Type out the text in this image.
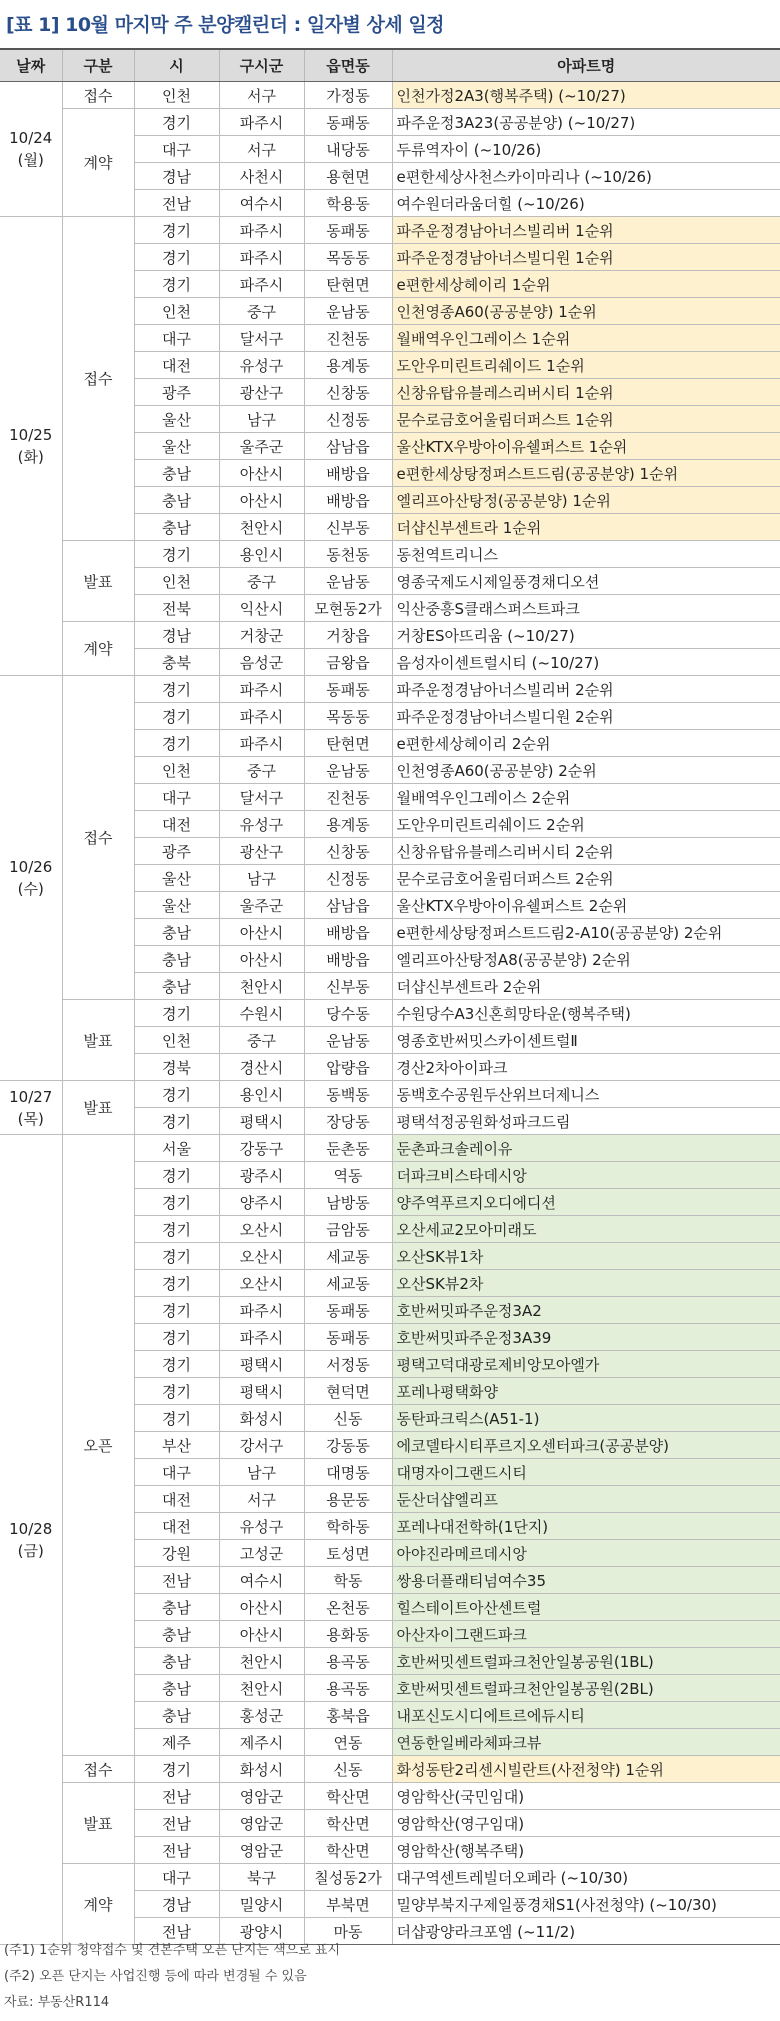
[표 1] 10월 마지막 주 분양캘린더 : 일자별 상세 일정
날짜	구분	시	구시군	읍면동	아파트명

10/24
(월)	접수	인천	서구	가정동	인천가정2A3(행복주택) (~10/27)
	계약	경기	파주시	동패동	파주운정3A23(공공분양) (~10/27)
		대구	서구	내당동	두류역자이 (~10/26)
		경남	사천시	용현면	e편한세상사천스카이마리나 (~10/26)
		전남	여수시	학용동	여수원더라움더힐 (~10/26)

10/25
(화)	접수	경기	파주시	동패동	파주운정경남아너스빌리버 1순위
		경기	파주시	목동동	파주운정경남아너스빌디원 1순위
		경기	파주시	탄현면	e편한세상헤이리 1순위
		인천	중구	운남동	인천영종A60(공공분양) 1순위
		대구	달서구	진천동	월배역우인그레이스 1순위
		대전	유성구	용계동	도안우미린트리쉐이드 1순위
		광주	광산구	신창동	신창유탑유블레스리버시티 1순위
		울산	남구	신정동	문수로금호어울림더퍼스트 1순위
		울산	울주군	삼남읍	울산KTX우방아이유쉘퍼스트 1순위
		충남	아산시	배방읍	e편한세상탕정퍼스트드림(공공분양) 1순위
		충남	아산시	배방읍	엘리프아산탕정(공공분양) 1순위
		충남	천안시	신부동	더샵신부센트라 1순위
	발표	경기	용인시	동천동	동천역트리니스
		인천	중구	운남동	영종국제도시제일풍경채디오션
		전북	익산시	모현동2가	익산중흥S클래스퍼스트파크
	계약	경남	거창군	거창읍	거창ES아뜨리움 (~10/27)
		충북	음성군	금왕읍	음성자이센트럴시티 (~10/27)

10/26
(수)	접수	경기	파주시	동패동	파주운정경남아너스빌리버 2순위
		경기	파주시	목동동	파주운정경남아너스빌디원 2순위
		경기	파주시	탄현면	e편한세상헤이리 2순위
		인천	중구	운남동	인천영종A60(공공분양) 2순위
		대구	달서구	진천동	월배역우인그레이스 2순위
		대전	유성구	용계동	도안우미린트리쉐이드 2순위
		광주	광산구	신창동	신창유탑유블레스리버시티 2순위
		울산	남구	신정동	문수로금호어울림더퍼스트 2순위
		울산	울주군	삼남읍	울산KTX우방아이유쉘퍼스트 2순위
		충남	아산시	배방읍	e편한세상탕정퍼스트드림2-A10(공공분양) 2순위
		충남	아산시	배방읍	엘리프아산탕정A8(공공분양) 2순위
		충남	천안시	신부동	더샵신부센트라 2순위
	발표	경기	수원시	당수동	수원당수A3신혼희망타운(행복주택)
		인천	중구	운남동	영종호반써밋스카이센트럴Ⅱ
		경북	경산시	압량읍	경산2차아이파크

10/27
(목)	발표	경기	용인시	동백동	동백호수공원두산위브더제니스
		경기	평택시	장당동	평택석정공원화성파크드림

10/28
(금)	오픈	서울	강동구	둔촌동	둔촌파크솔레이유
		경기	광주시	역동	더파크비스타데시앙
		경기	양주시	남방동	양주역푸르지오디에디션
		경기	오산시	금암동	오산세교2모아미래도
		경기	오산시	세교동	오산SK뷰1차
		경기	오산시	세교동	오산SK뷰2차
		경기	파주시	동패동	호반써밋파주운정3A2
		경기	파주시	동패동	호반써밋파주운정3A39
		경기	평택시	서정동	평택고덕대광로제비앙모아엘가
		경기	평택시	현덕면	포레나평택화양
		경기	화성시	신동	동탄파크릭스(A51-1)
		부산	강서구	강동동	에코델타시티푸르지오센터파크(공공분양)
		대구	남구	대명동	대명자이그랜드시티
		대전	서구	용문동	둔산더샵엘리프
		대전	유성구	학하동	포레나대전학하(1단지)
		강원	고성군	토성면	아야진라메르데시앙
		전남	여수시	학동	쌍용더플래티넘여수35
		충남	아산시	온천동	힐스테이트아산센트럴
		충남	아산시	용화동	아산자이그랜드파크
		충남	천안시	용곡동	호반써밋센트럴파크천안일봉공원(1BL)
		충남	천안시	용곡동	호반써밋센트럴파크천안일봉공원(2BL)
		충남	홍성군	홍북읍	내포신도시디에트르에듀시티
		제주	제주시	연동	연동한일베라체파크뷰
	접수	경기	화성시	신동	화성동탄2리센시빌란트(사전청약) 1순위
	발표	전남	영암군	학산면	영암학산(국민임대)
		전남	영암군	학산면	영암학산(영구임대)
		전남	영암군	학산면	영암학산(행복주택)
	계약	대구	북구	칠성동2가	대구역센트레빌더오페라 (~10/30)
		경남	밀양시	부북면	밀양부북지구제일풍경채S1(사전청약) (~10/30)
		전남	광양시	마동	더샵광양라크포엠 (~11/2)
(주1) 1순위 청약접수 및 견본주택 오픈 단지는 색으로 표시
(주2) 오픈 단지는 사업진행 등에 따라 변경될 수 있음
자료: 부동산R114
